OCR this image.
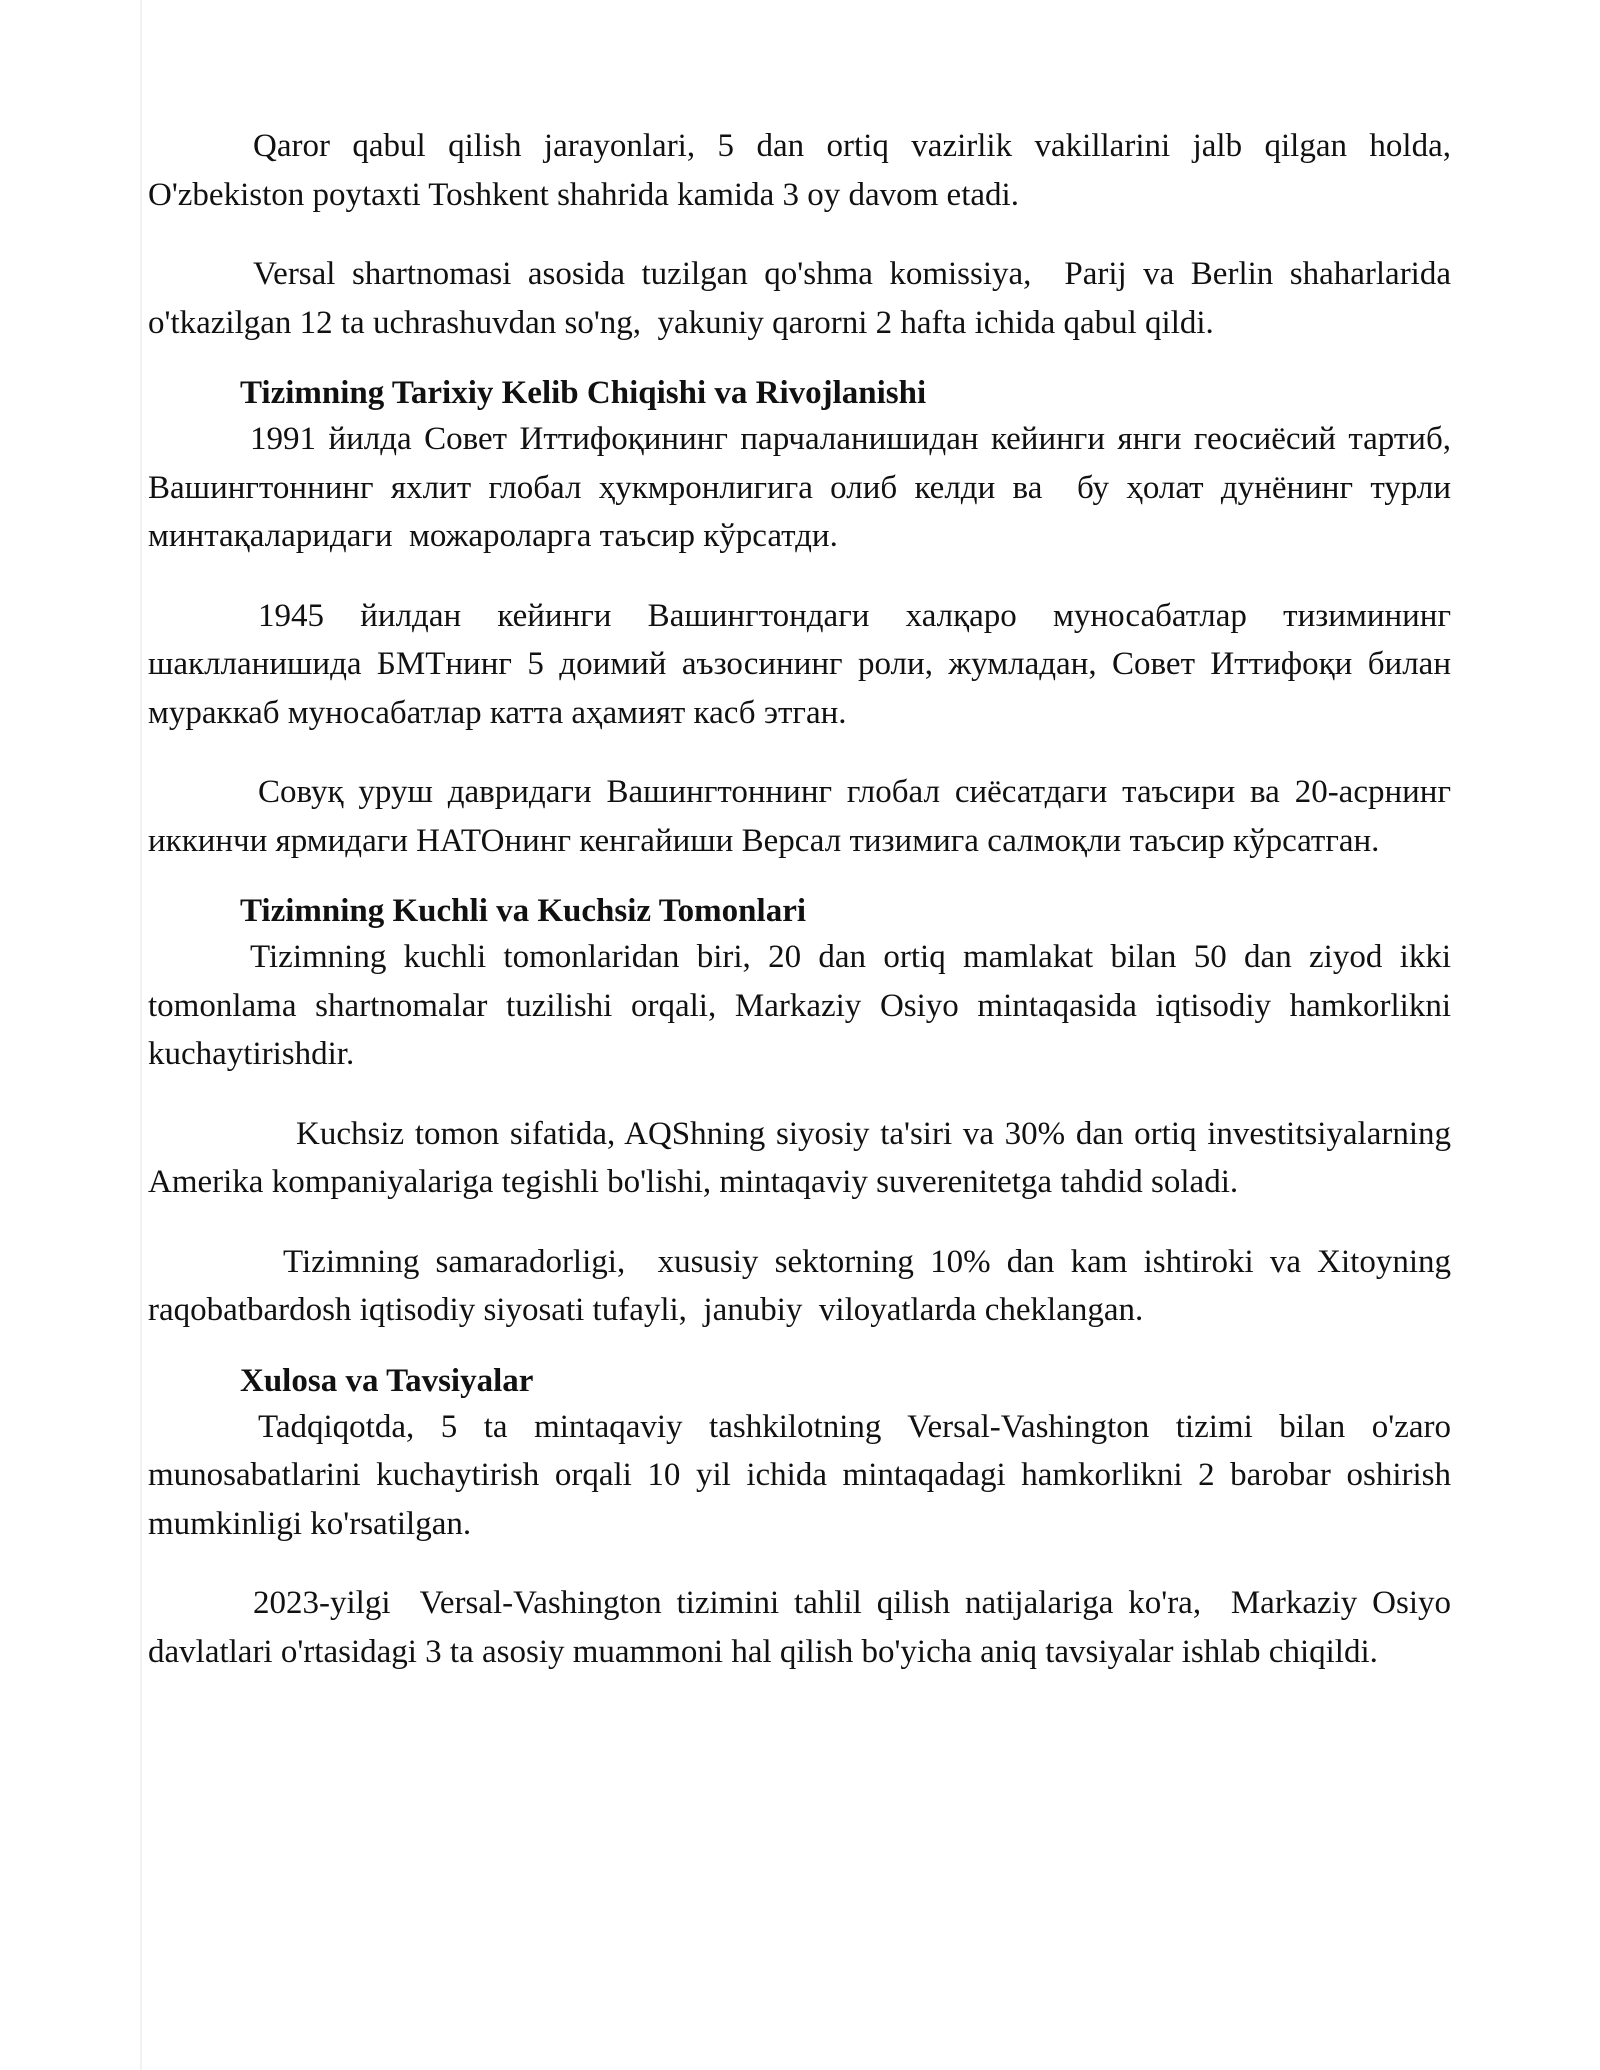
Qaror qabul qilish jarayonlari, 5 dan ortiq vazirlik vakillarini jalb qilgan holda, O'zbekiston poytaxti Toshkent shahrida kamida 3 oy davom etadi.

Versal shartnomasi asosida tuzilgan qo'shma komissiya,  Parij va Berlin shaharlarida o'tkazilgan 12 ta uchrashuvdan so'ng,  yakuniy qarorni 2 hafta ichida qabul qildi.

Tizimning Tarixiy Kelib Chiqishi va Rivojlanishi

1991 йилда Совет Иттифоқининг парчаланишидан кейинги янги геосиёсий тартиб, Вашингтоннинг яхлит глобал ҳукмронлигига олиб келди ва  бу ҳолат дунёнинг турли минтақаларидаги  можароларга таъсир кўрсатди.

1945 йилдан кейинги Вашингтондаги халқаро муносабатлар тизимининг шаклланишида БМТнинг 5 доимий аъзосининг роли, жумладан, Совет Иттифоқи билан мураккаб муносабатлар катта аҳамият касб этган.

Совуқ уруш давридаги Вашингтоннинг глобал сиёсатдаги таъсири ва 20-асрнинг иккинчи ярмидаги НАТОнинг кенгайиши Версал тизимига салмоқли таъсир кўрсатган.

Tizimning Kuchli va Kuchsiz Tomonlari

Tizimning kuchli tomonlaridan biri, 20 dan ortiq mamlakat bilan 50 dan ziyod ikki tomonlama shartnomalar tuzilishi orqali, Markaziy Osiyo mintaqasida iqtisodiy hamkorlikni kuchaytirishdir.

Kuchsiz tomon sifatida, AQShning siyosiy ta'siri va 30% dan ortiq investitsiyalarning  Amerika kompaniyalariga tegishli bo'lishi, mintaqaviy suverenitetga tahdid soladi.

Tizimning samaradorligi,  xususiy sektorning 10% dan kam ishtiroki va Xitoyning raqobatbardosh iqtisodiy siyosati tufayli,  janubiy  viloyatlarda cheklangan.

Xulosa va Tavsiyalar

Tadqiqotda, 5 ta mintaqaviy tashkilotning Versal-Vashington tizimi bilan o'zaro munosabatlarini kuchaytirish orqali 10 yil ichida mintaqadagi hamkorlikni 2 barobar oshirish mumkinligi ko'rsatilgan.

2023-yilgi  Versal-Vashington tizimini tahlil qilish natijalariga ko'ra,  Markaziy Osiyo davlatlari o'rtasidagi 3 ta asosiy muammoni hal qilish bo'yicha aniq tavsiyalar ishlab chiqildi.
